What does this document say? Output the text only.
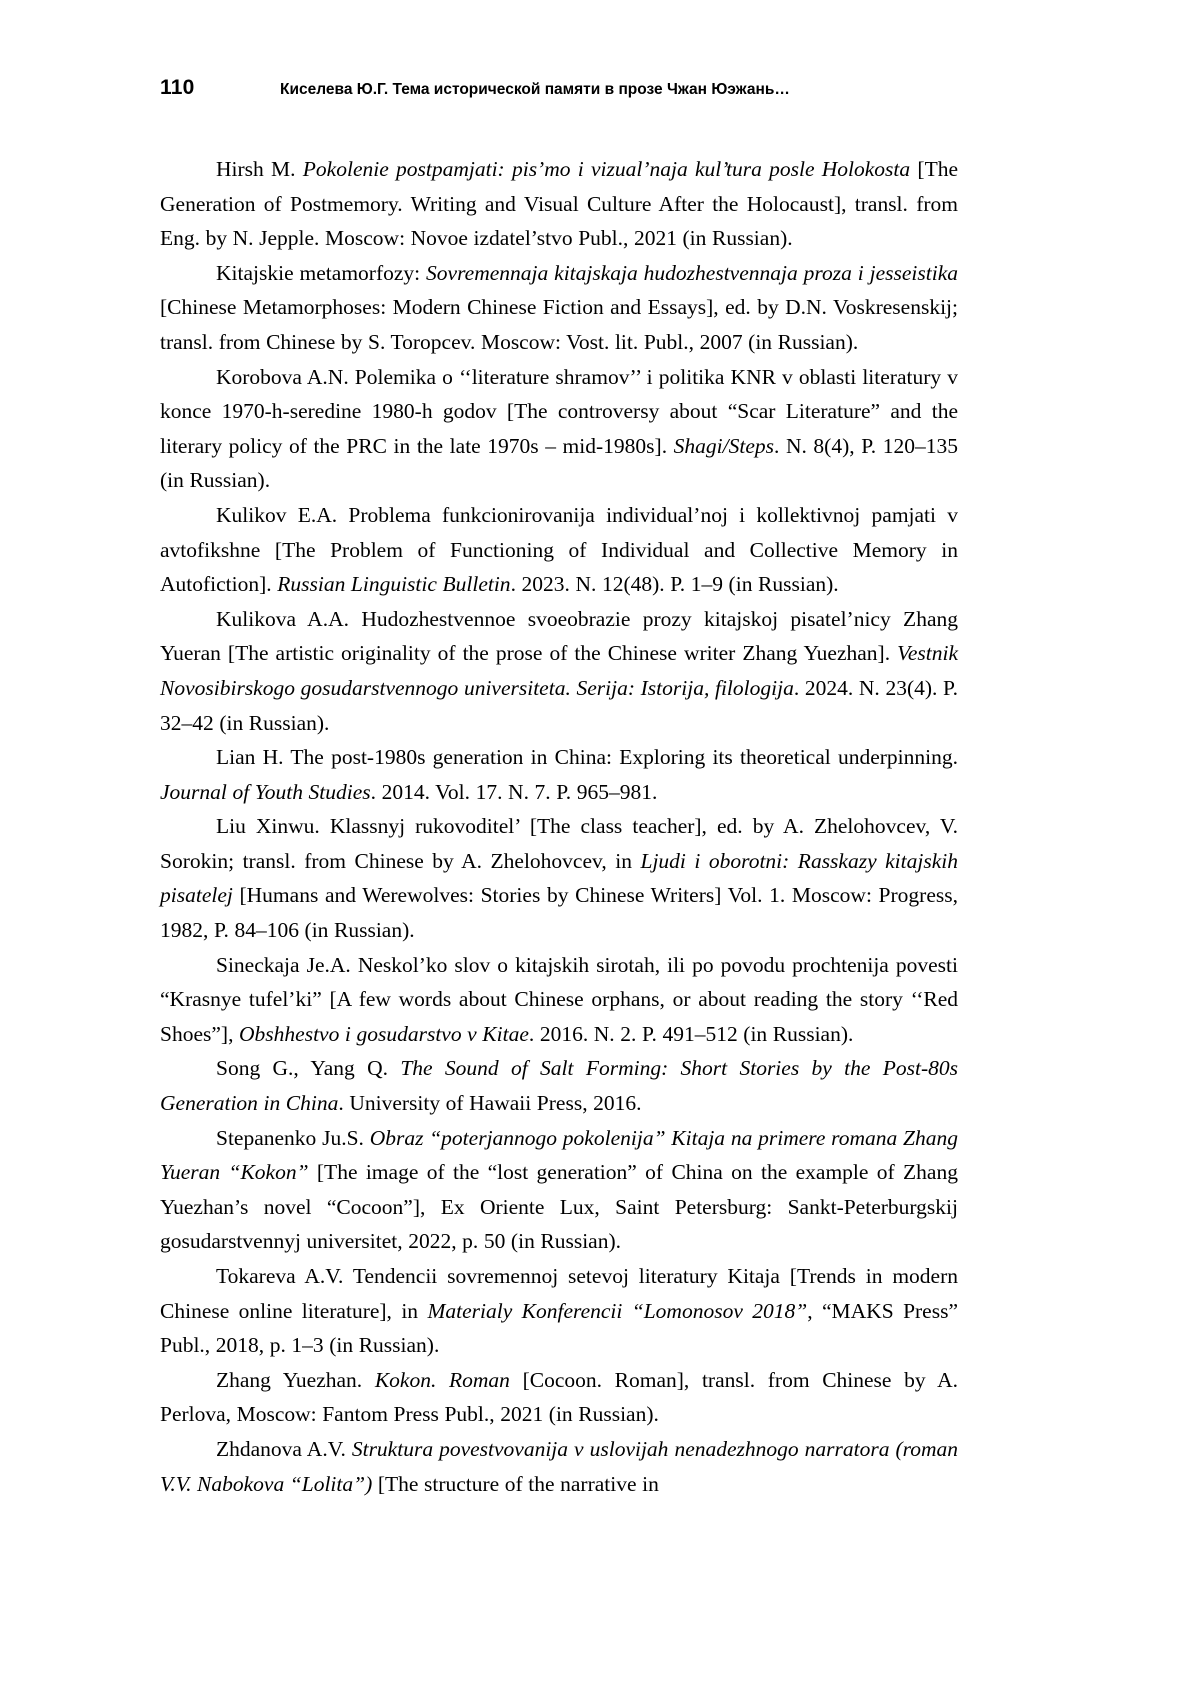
110	Киселева Ю.Г. Тема исторической памяти в прозе Чжан Юэжань…

Hirsh M. Pokolenie postpamjati: pis’mo i vizual’naja kul’tura posle Holokosta [The Generation of Postmemory. Writing and Visual Culture After the Holocaust], transl. from Eng. by N. Jepple. Moscow: Novoe izdatel’stvo Publ., 2021 (in Russian).

Kitajskie metamorfozy: Sovremennaja kitajskaja hudozhestvennaja proza i jesseistika [Chinese Metamorphoses: Modern Chinese Fiction and Essays], ed. by D.N. Voskresenskij; transl. from Chinese by S. Toropcev. Moscow: Vost. lit. Publ., 2007 (in Russian).

Korobova A.N. Polemika o ‘‘literature shramov’’ i politika KNR v oblasti literatury v konce 1970-h-seredine 1980-h godov [The controversy about “Scar Literature” and the literary policy of the PRC in the late 1970s – mid-1980s]. Shagi/Steps. N. 8(4), P. 120–135 (in Russian).

Kulikov E.A. Problema funkcionirovanija individual’noj i kollektivnoj pamjati v avtofikshne [The Problem of Functioning of Individual and Collective Memory in Autofiction]. Russian Linguistic Bulletin. 2023. N. 12(48). P. 1–9 (in Russian).

Kulikova A.A. Hudozhestvennoe svoeobrazie prozy kitajskoj pisatel’nicy Zhang Yueran [The artistic originality of the prose of the Chinese writer Zhang Yuezhan]. Vestnik Novosibirskogo gosudarstvennogo universiteta. Serija: Istorija, filologija. 2024. N. 23(4). P. 32–42 (in Russian).

Lian H. The post-1980s generation in China: Exploring its theoretical underpinning. Journal of Youth Studies. 2014. Vol. 17. N. 7. P. 965–981.

Liu Xinwu. Klassnyj rukovoditel’ [The class teacher], ed. by A. Zhelohovcev, V. Sorokin; transl. from Chinese by A. Zhelohovcev, in Ljudi i oborotni: Rasskazy kitajskih pisatelej [Humans and Werewolves: Stories by Chinese Writers] Vol. 1. Moscow: Progress, 1982, P. 84–106 (in Russian).

Sineckaja Je.A. Neskol’ko slov o kitajskih sirotah, ili po povodu prochtenija povesti “Krasnye tufel’ki” [A few words about Chinese orphans, or about reading the story ‘‘Red Shoes”], Obshhestvo i gosudarstvo v Kitae. 2016. N. 2. P. 491–512 (in Russian).

Song G., Yang Q. The Sound of Salt Forming: Short Stories by the Post-80s Generation in China. University of Hawaii Press, 2016.

Stepanenko Ju.S. Obraz “poterjannogo pokolenija” Kitaja na primere romana Zhang Yueran “Kokon” [The image of the “lost generation” of China on the example of Zhang Yuezhan’s novel “Cocoon”], Ex Oriente Lux, Saint Petersburg: Sankt-Peterburgskij gosudarstvennyj universitet, 2022, p. 50 (in Russian).

Tokareva A.V. Tendencii sovremennoj setevoj literatury Kitaja [Trends in modern Chinese online literature], in Materialy Konferencii “Lomonosov 2018”, “MAKS Press” Publ., 2018, p. 1–3 (in Russian).

Zhang Yuezhan. Kokon. Roman [Cocoon. Roman], transl. from Chinese by A. Perlova, Moscow: Fantom Press Publ., 2021 (in Russian).

Zhdanova A.V. Struktura povestvovanija v uslovijah nenadezhnogo narratora (roman V.V. Nabokova “Lolita”) [The structure of the narrative in
